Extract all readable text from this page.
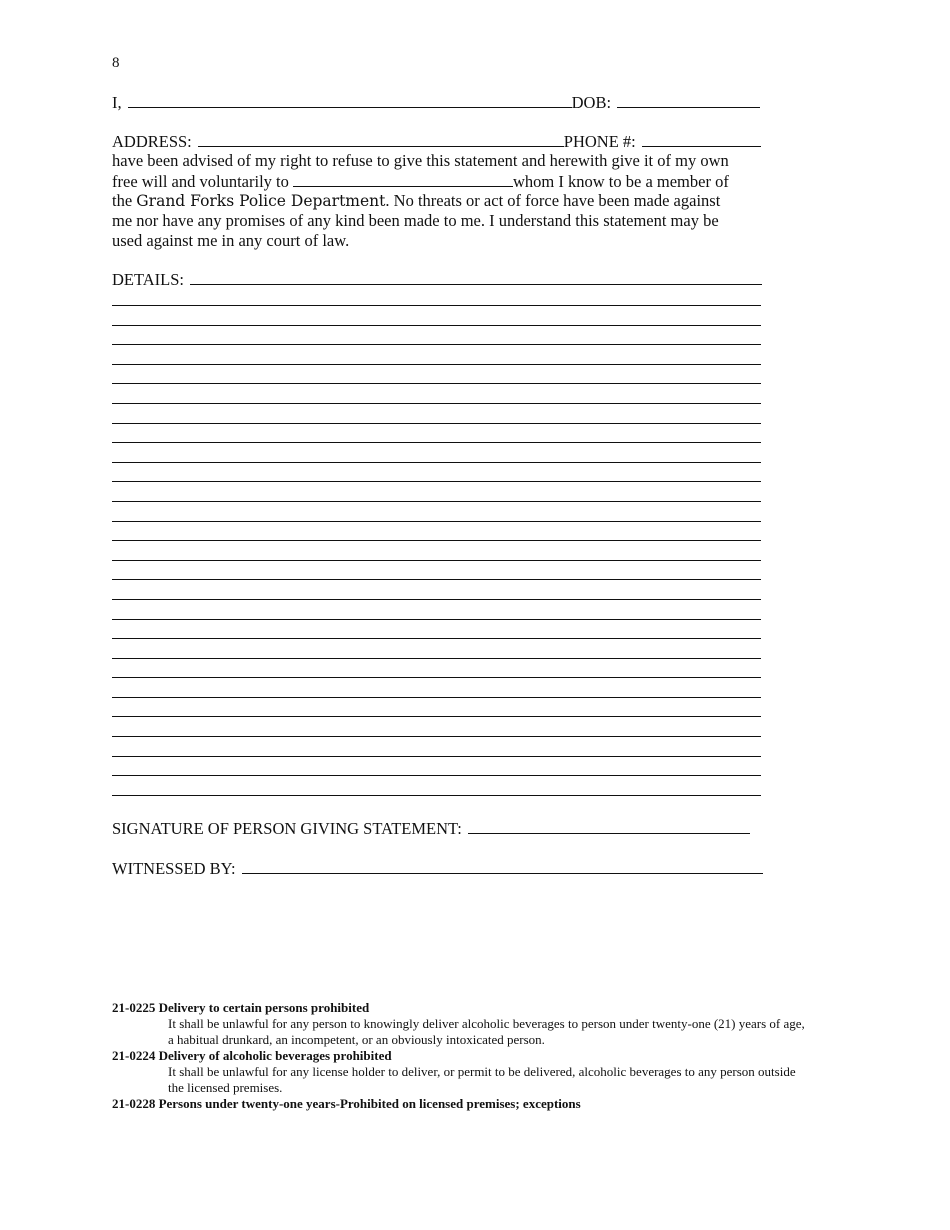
8
I,	DOB:
ADDRESS:	PHONE #:
have been advised of my right to refuse to give this statement and herewith give it of my own
free will and voluntarily to	whom I know to be a member of
the Grand Forks Police Department. No threats or act of force have been made against
me nor have any promises of any kind been made to me. I understand this statement may be
used against me in any court of law.
DETAILS:
SIGNATURE OF PERSON GIVING STATEMENT:
WITNESSED BY:
21-0225 Delivery to certain persons prohibited
It shall be unlawful for any person to knowingly deliver alcoholic beverages to person under twenty-one (21) years of age, a habitual drunkard, an incompetent, or an obviously intoxicated person.
21-0224 Delivery of alcoholic beverages prohibited
It shall be unlawful for any license holder to deliver, or permit to be delivered, alcoholic beverages to any person outside the licensed premises.
21-0228 Persons under twenty-one years-Prohibited on licensed premises; exceptions
